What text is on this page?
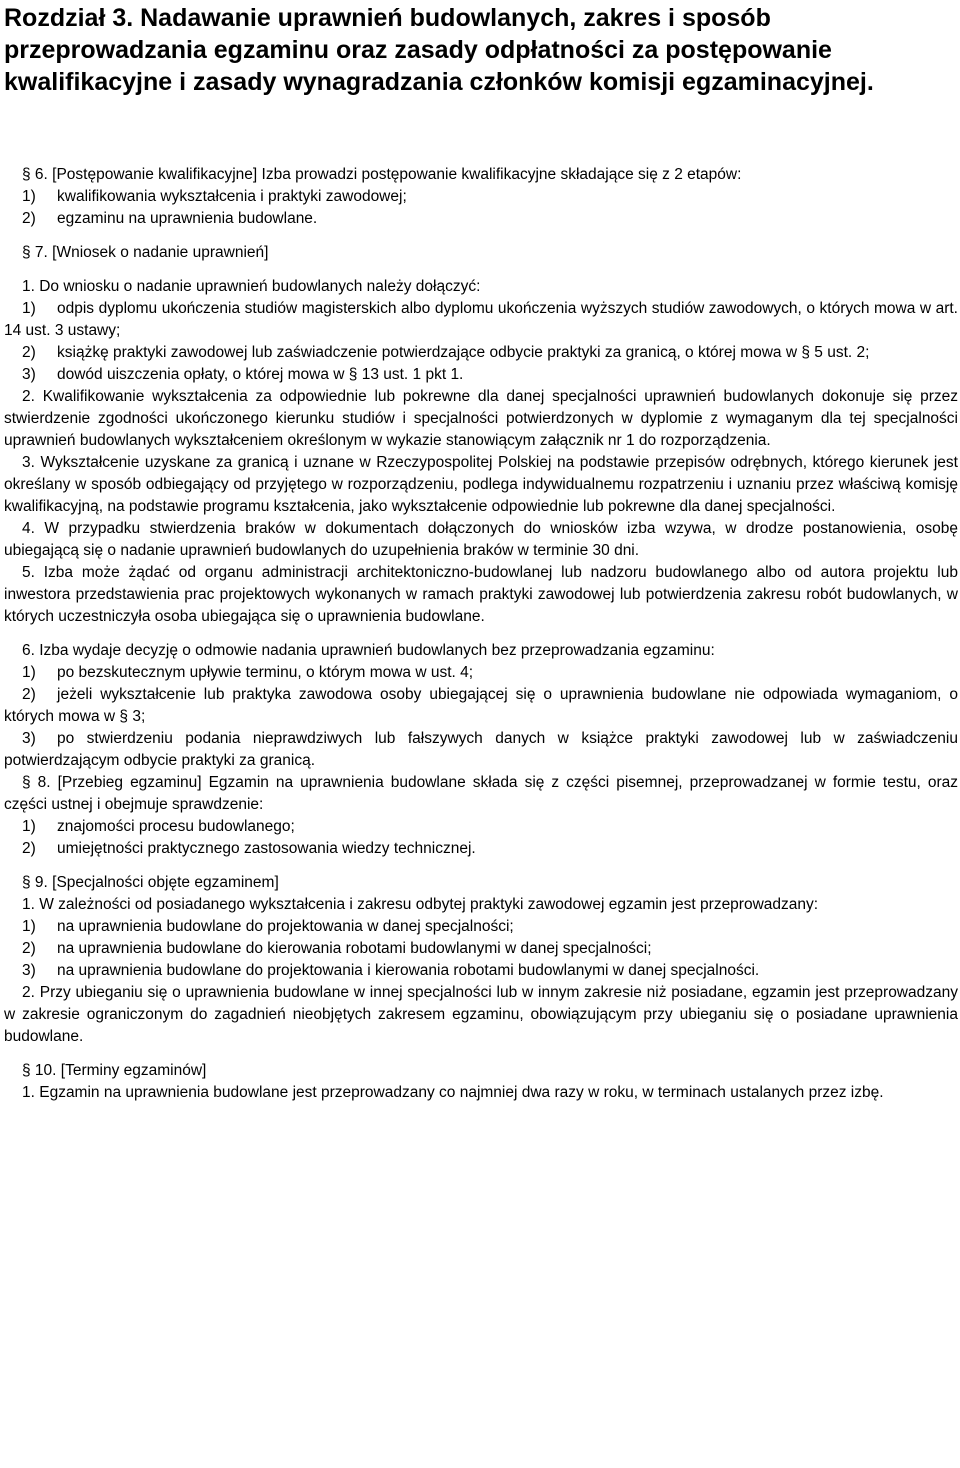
Rozdział 3. Nadawanie uprawnień budowlanych, zakres i sposób przeprowadzania egzaminu oraz zasady odpłatności za postępowanie kwalifikacyjne i zasady wynagradzania członków komisji egzaminacyjnej.

§ 6. [Postępowanie kwalifikacyjne] Izba prowadzi postępowanie kwalifikacyjne składające się z 2 etapów:

1) kwalifikowania wykształcenia i praktyki zawodowej;

2) egzaminu na uprawnienia budowlane.

§ 7. [Wniosek o nadanie uprawnień]

1. Do wniosku o nadanie uprawnień budowlanych należy dołączyć:

1) odpis dyplomu ukończenia studiów magisterskich albo dyplomu ukończenia wyższych studiów zawodowych, o których mowa w art. 14 ust. 3 ustawy;

2) książkę praktyki zawodowej lub zaświadczenie potwierdzające odbycie praktyki za granicą, o której mowa w § 5 ust. 2;

3) dowód uiszczenia opłaty, o której mowa w § 13 ust. 1 pkt 1.

2. Kwalifikowanie wykształcenia za odpowiednie lub pokrewne dla danej specjalności uprawnień budowlanych dokonuje się przez stwierdzenie zgodności ukończonego kierunku studiów i specjalności potwierdzonych w dyplomie z wymaganym dla tej specjalności uprawnień budowlanych wykształceniem określonym w wykazie stanowiącym załącznik nr 1 do rozporządzenia.

3. Wykształcenie uzyskane za granicą i uznane w Rzeczypospolitej Polskiej na podstawie przepisów odrębnych, którego kierunek jest określany w sposób odbiegający od przyjętego w rozporządzeniu, podlega indywidualnemu rozpatrzeniu i uznaniu przez właściwą komisję kwalifikacyjną, na podstawie programu kształcenia, jako wykształcenie odpowiednie lub pokrewne dla danej specjalności.

4. W przypadku stwierdzenia braków w dokumentach dołączonych do wniosków izba wzywa, w drodze postanowienia, osobę ubiegającą się o nadanie uprawnień budowlanych do uzupełnienia braków w terminie 30 dni.

5. Izba może żądać od organu administracji architektoniczno-budowlanej lub nadzoru budowlanego albo od autora projektu lub inwestora przedstawienia prac projektowych wykonanych w ramach praktyki zawodowej lub potwierdzenia zakresu robót budowlanych, w których uczestniczyła osoba ubiegająca się o uprawnienia budowlane.

6. Izba wydaje decyzję o odmowie nadania uprawnień budowlanych bez przeprowadzania egzaminu:

1) po bezskutecznym upływie terminu, o którym mowa w ust. 4;

2) jeżeli wykształcenie lub praktyka zawodowa osoby ubiegającej się o uprawnienia budowlane nie odpowiada wymaganiom, o których mowa w § 3;

3) po stwierdzeniu podania nieprawdziwych lub fałszywych danych w książce praktyki zawodowej lub w zaświadczeniu potwierdzającym odbycie praktyki za granicą.

§ 8. [Przebieg egzaminu] Egzamin na uprawnienia budowlane składa się z części pisemnej, przeprowadzanej w formie testu, oraz części ustnej i obejmuje sprawdzenie:

1) znajomości procesu budowlanego;

2) umiejętności praktycznego zastosowania wiedzy technicznej.

§ 9. [Specjalności objęte egzaminem]

1. W zależności od posiadanego wykształcenia i zakresu odbytej praktyki zawodowej egzamin jest przeprowadzany:

1) na uprawnienia budowlane do projektowania w danej specjalności;

2) na uprawnienia budowlane do kierowania robotami budowlanymi w danej specjalności;

3) na uprawnienia budowlane do projektowania i kierowania robotami budowlanymi w danej specjalności.

2. Przy ubieganiu się o uprawnienia budowlane w innej specjalności lub w innym zakresie niż posiadane, egzamin jest przeprowadzany w zakresie ograniczonym do zagadnień nieobjętych zakresem egzaminu, obowiązującym przy ubieganiu się o posiadane uprawnienia budowlane.

§ 10. [Terminy egzaminów]

1. Egzamin na uprawnienia budowlane jest przeprowadzany co najmniej dwa razy w roku, w terminach ustalanych przez izbę.
